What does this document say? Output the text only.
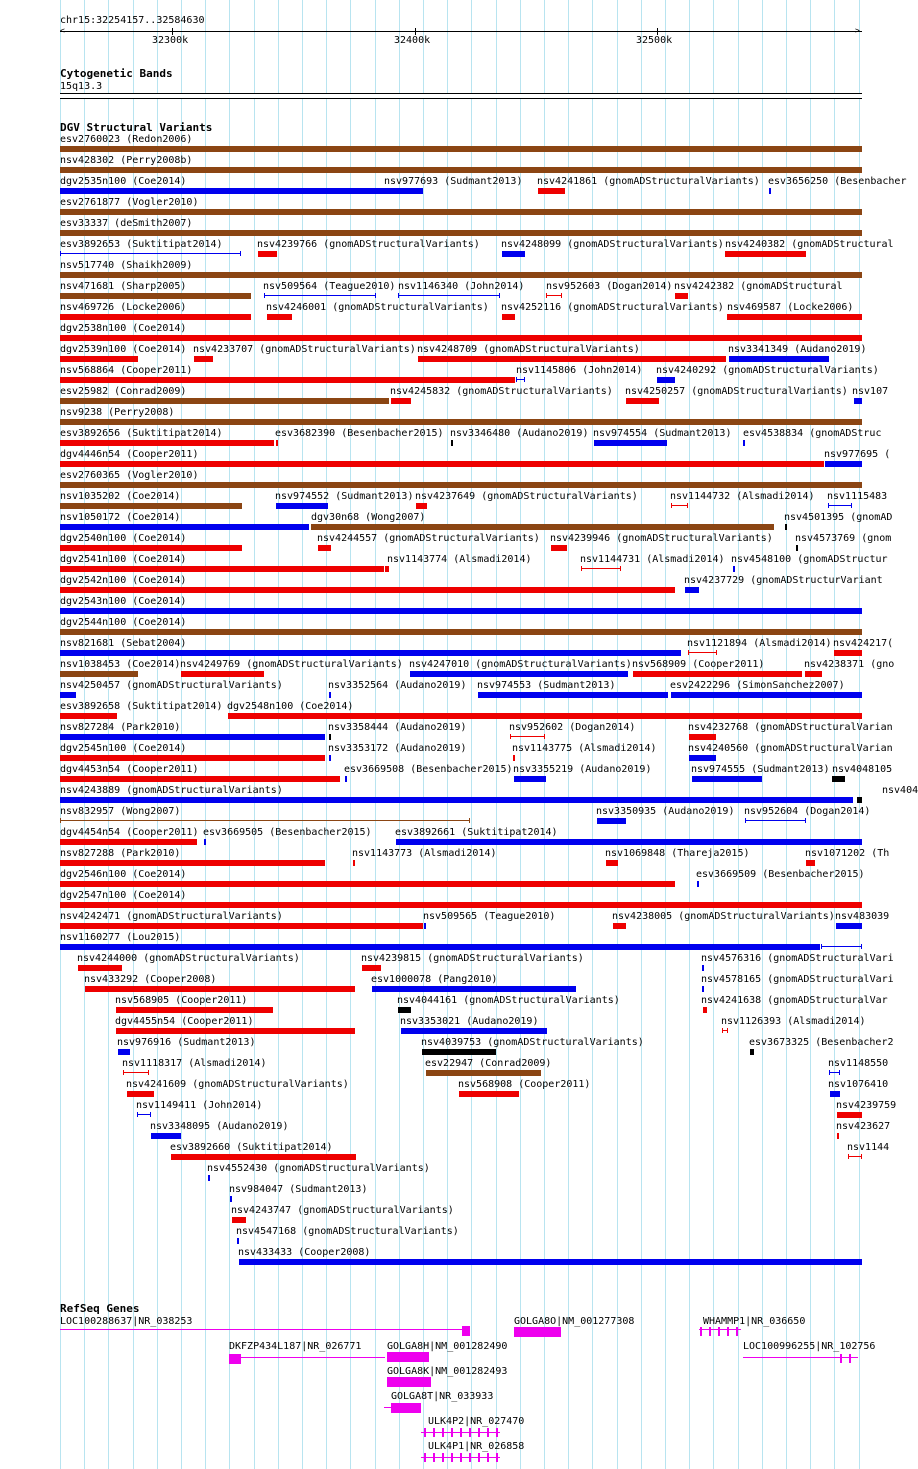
chr15:32254157..32584630
<	>
32300k	32400k	32500k
Cytogenetic Bands
15q13.3
DGV Structural Variants
RefSeq Genes
esv2760023 (Redon2006)
nsv428302 (Perry2008b)
dgv2535n100 (Coe2014)	nsv977693 (Sudmant2013) nsv4241861 (gnomADStructuralVariants) esv3656250 (Besenbacher
esv2761877 (Vogler2010)
esv33337 (deSmith2007)
esv3892653 (Suktitipat2014)	nsv4239766 (gnomADStructuralVariants) nsv4248099 (gnomADStructuralVariants) nsv4240382 (gnomADStructural
nsv517740 (Shaikh2009)
nsv471681 (Sharp2005)	nsv509564 (Teague2010) nsv1146340 (John2014) nsv952603 (Dogan2014) nsv4242382 (gnomADStructural
nsv469726 (Locke2006)	nsv4246001 (gnomADStructuralVariants) nsv4252116 (gnomADStructuralVariants) nsv469587 (Locke2006)
dgv2538n100 (Coe2014)
dgv2539n100 (Coe2014) nsv4233707 (gnomADStructuralVariants) nsv4248709 (gnomADStructuralVariants)	nsv3341349 (Audano2019)
nsv568864 (Cooper2011)	nsv1145806 (John2014) nsv4240292 (gnomADStructuralVariants)
esv25982 (Conrad2009)	nsv4245832 (gnomADStructuralVariants) nsv4250257 (gnomADStructuralVariants) nsv107
nsv9238 (Perry2008)
esv3892656 (Suktitipat2014)	esv3682390 (Besenbacher2015) nsv3346480 (Audano2019) nsv974554 (Sudmant2013) esv4538834 (gnomADStruc
dgv4446n54 (Cooper2011)	nsv977695 (
esv2760365 (Vogler2010)
nsv1035202 (Coe2014)	nsv974552 (Sudmant2013) nsv4237649 (gnomADStructuralVariants)	nsv1144732 (Alsmadi2014) nsv1115483
nsv1050172 (Coe2014)	dgv30n68 (Wong2007)	nsv4501395 (gnomAD
dgv2540n100 (Coe2014)	nsv4244557 (gnomADStructuralVariants) nsv4239946 (gnomADStructuralVariants) nsv4573769 (gnom
dgv2541n100 (Coe2014)	nsv1143774 (Alsmadi2014)	nsv1144731 (Alsmadi2014) nsv4548100 (gnomADStructur
dgv2542n100 (Coe2014)	nsv4237729 (gnomADStructurVariant
dgv2543n100 (Coe2014)
dgv2544n100 (Coe2014)
nsv821681 (Sebat2004)	nsv1121894 (Alsmadi2014) nsv424217(
nsv1038453 (Coe2014) nsv4249769 (gnomADStructuralVariants) nsv4247010 (gnomADStructuralVariants) nsv568909 (Cooper2011)	nsv4238371 (gno
nsv4250457 (gnomADStructuralVariants)	nsv3352564 (Audano2019) nsv974553 (Sudmant2013)	esv2422296 (SimonSanchez2007)
esv3892658 (Suktitipat2014) dgv2548n100 (Coe2014)
nsv827284 (Park2010)	nsv3358444 (Audano2019)	nsv952602 (Dogan2014)	nsv4232768 (gnomADStructuralVarian
dgv2545n100 (Coe2014)	nsv3353172 (Audano2019)	nsv1143775 (Alsmadi2014)	nsv4240560 (gnomADStructuralVarian
dgv4453n54 (Cooper2011)	esv3669508 (Besenbacher2015) nsv3355219 (Audano2019)	nsv974555 (Sudmant2013) nsv4048105
nsv4243889 (gnomADStructuralVariants)	nsv404
nsv832957 (Wong2007)	nsv3350935 (Audano2019) nsv952604 (Dogan2014)
dgv4454n54 (Cooper2011) esv3669505 (Besenbacher2015) esv3892661 (Suktitipat2014)
nsv827288 (Park2010)	nsv1143773 (Alsmadi2014)	nsv1069848 (Thareja2015)	nsv1071202 (Th
dgv2546n100 (Coe2014)	esv3669509 (Besenbacher2015)
dgv2547n100 (Coe2014)
nsv4242471 (gnomADStructuralVariants)	nsv509565 (Teague2010)	nsv4238005 (gnomADStructuralVariants) nsv483039
nsv1160277 (Lou2015)
nsv4244000 (gnomADStructuralVariants)	nsv4239815 (gnomADStructuralVariants)	nsv4576316 (gnomADStructuralVari
nsv433292 (Cooper2008)	esv1000078 (Pang2010)	nsv4578165 (gnomADStructuralVari
nsv568905 (Cooper2011)	nsv4044161 (gnomADStructuralVariants)	nsv4241638 (gnomADStructuralVar
dgv4455n54 (Cooper2011)	nsv3353021 (Audano2019)	nsv1126393 (Alsmadi2014)
nsv976916 (Sudmant2013)	nsv4039753 (gnomADStructuralVariants)	esv3673325 (Besenbacher2
nsv1118317 (Alsmadi2014)	esv22947 (Conrad2009)	nsv1148550
nsv4241609 (gnomADStructuralVariants)	nsv568908 (Cooper2011)	nsv1076410
nsv1149411 (John2014)	nsv4239759
nsv3348095 (Audano2019)	nsv423627
esv3892660 (Suktitipat2014)	nsv1144
nsv4552430 (gnomADStructuralVariants)
nsv984047 (Sudmant2013)
nsv4243747 (gnomADStructuralVariants)
nsv4547168 (gnomADStructuralVariants)
nsv433433 (Cooper2008)
LOC100288637|NR_038253	GOLGA8O|NM_001277308	WHAMMP1|NR_036650
DKFZP434L187|NR_026771	GOLGA8H|NM_001282490	LOC100996255|NR_102756
GOLGA8K|NM_001282493
GOLGA8T|NR_033933
ULK4P2|NR_027470
ULK4P1|NR_026858
